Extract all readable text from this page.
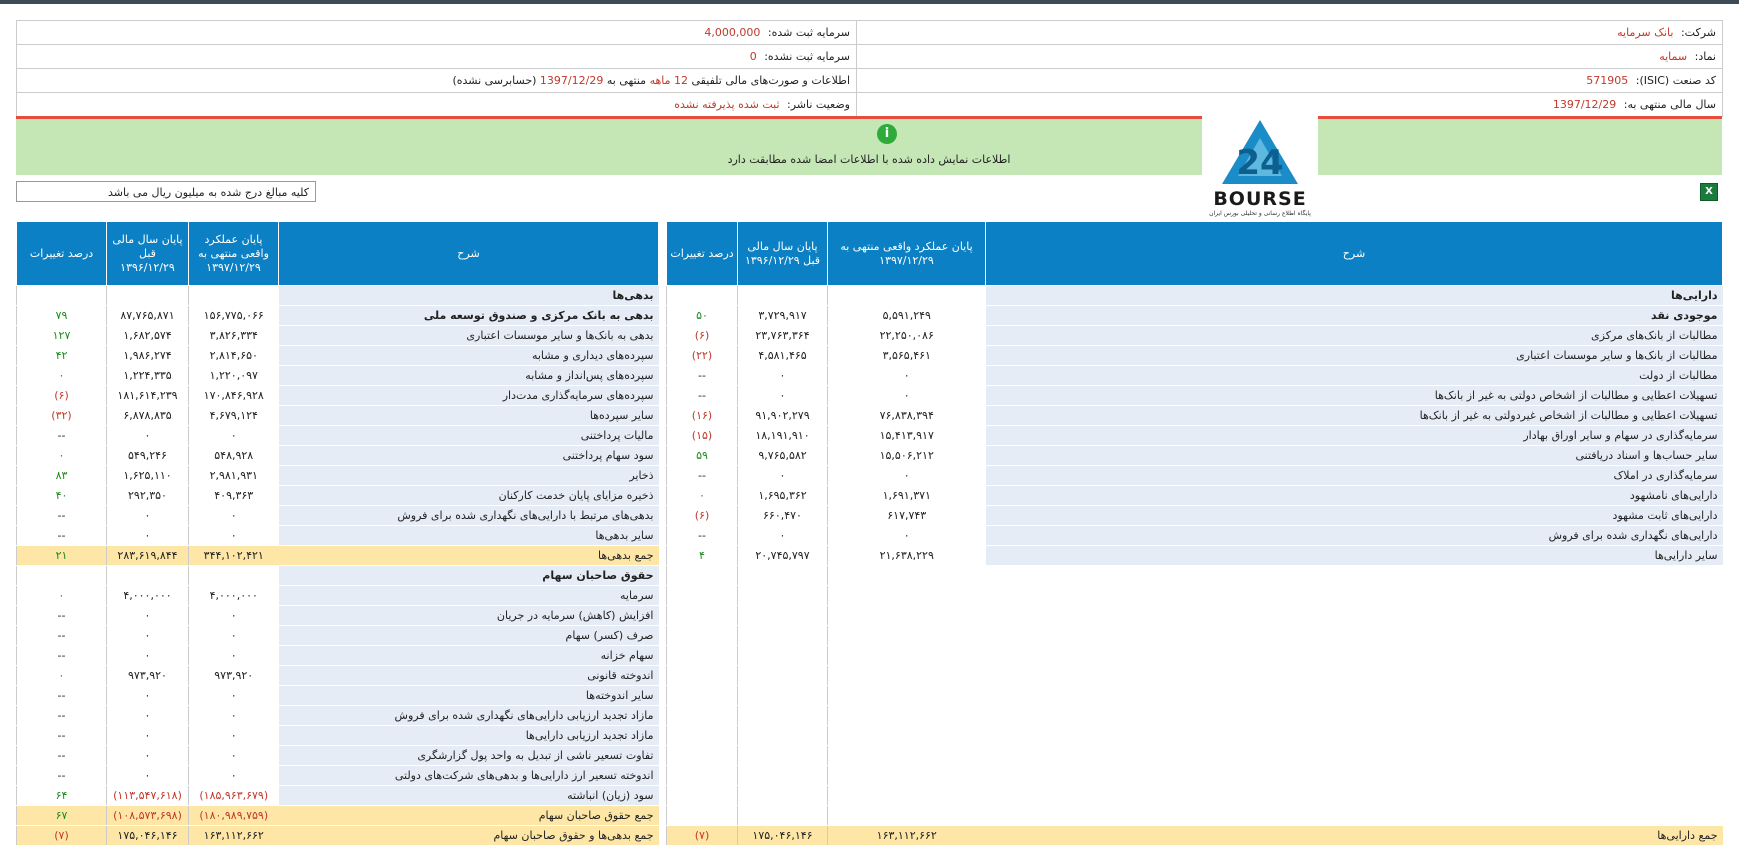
شرکت: بانک سرمایه	سرمایه ثبت شده: 4,000,000
نماد: سمایه	سرمایه ثبت نشده: 0
کد صنعت (ISIC): 571905	اطلاعات و صورت‌های مالی تلفیقی 12 ماهه منتهی به 1397/12/29 (حسابرسی نشده)
سال مالی منتهی به: 1397/12/29	وضعیت ناشر: ثبت شده پذیرفته نشده
i
اطلاعات نمایش داده شده با اطلاعات امضا شده مطابقت دارد	24
BOURSE
پایگاه اطلاع رسانی و تحلیلی بورس ایران
X
کلیه مبالغ درج شده به میلیون ریال می باشد
شرح	پایان عملکرد واقعی منتهی به ۱۳۹۷/۱۲/۲۹	پایان سال مالی قبل ۱۳۹۶/۱۲/۲۹	درصد تغییرات
دارایی‌ها			
موجودی نقد	۵,۵۹۱,۲۴۹	۳,۷۲۹,۹۱۷	۵۰
مطالبات از بانک‌های مرکزی	۲۲,۲۵۰,۰۸۶	۲۳,۷۶۳,۳۶۴	(۶)
مطالبات از بانک‌ها و سایر موسسات اعتباری	۳,۵۶۵,۴۶۱	۴,۵۸۱,۴۶۵	(۲۲)
مطالبات از دولت	۰	۰	--
تسهیلات اعطایی و مطالبات از اشخاص دولتی به غیر از بانک‌ها	۰	۰	--
تسهیلات اعطایی و مطالبات از اشخاص غیردولتی به غیر از بانک‌ها	۷۶,۸۳۸,۳۹۴	۹۱,۹۰۲,۲۷۹	(۱۶)
سرمایه‌گذاری در سهام و سایر اوراق بهادار	۱۵,۴۱۳,۹۱۷	۱۸,۱۹۱,۹۱۰	(۱۵)
سایر حساب‌ها و اسناد دریافتنی	۱۵,۵۰۶,۲۱۲	۹,۷۶۵,۵۸۲	۵۹
سرمایه‌گذاری در املاک	۰	۰	--
دارایی‌های نامشهود	۱,۶۹۱,۳۷۱	۱,۶۹۵,۳۶۲	۰
دارایی‌های ثابت مشهود	۶۱۷,۷۴۳	۶۶۰,۴۷۰	(۶)
دارایی‌های نگهداری شده برای فروش	۰	۰	--
سایر دارایی‌ها	۲۱,۶۳۸,۲۲۹	۲۰,۷۴۵,۷۹۷	۴

جمع دارایی‌ها	۱۶۳,۱۱۲,۶۶۲	۱۷۵,۰۴۶,۱۴۶	(۷)
شرح	پایان عملکرد واقعی منتهی به ۱۳۹۷/۱۲/۲۹	پایان سال مالی قبل ۱۳۹۶/۱۲/۲۹	درصد تغییرات
بدهی‌ها			
بدهی به بانک مرکزی و صندوق توسعه ملی	۱۵۶,۷۷۵,۰۶۶	۸۷,۷۶۵,۸۷۱	۷۹
بدهی به بانک‌ها و سایر موسسات اعتباری	۳,۸۲۶,۳۳۴	۱,۶۸۲,۵۷۴	۱۲۷
سپرده‌های دیداری و مشابه	۲,۸۱۴,۶۵۰	۱,۹۸۶,۲۷۴	۴۲
سپرده‌های پس‌انداز و مشابه	۱,۲۲۰,۰۹۷	۱,۲۲۴,۳۳۵	۰
سپرده‌های سرمایه‌گذاری مدت‌دار	۱۷۰,۸۴۶,۹۲۸	۱۸۱,۶۱۴,۲۳۹	(۶)
سایر سپرده‌ها	۴,۶۷۹,۱۲۴	۶,۸۷۸,۸۳۵	(۳۲)
مالیات پرداختنی	۰	۰	--
سود سهام پرداختنی	۵۴۸,۹۲۸	۵۴۹,۲۴۶	۰
ذخایر	۲,۹۸۱,۹۳۱	۱,۶۲۵,۱۱۰	۸۳
ذخیره مزایای پایان خدمت کارکنان	۴۰۹,۳۶۳	۲۹۲,۳۵۰	۴۰
بدهی‌های مرتبط با دارایی‌های نگهداری شده برای فروش	۰	۰	--
سایر بدهی‌ها	۰	۰	--
جمع بدهی‌ها	۳۴۴,۱۰۲,۴۲۱	۲۸۳,۶۱۹,۸۴۴	۲۱
حقوق صاحبان سهام			
سرمایه	۴,۰۰۰,۰۰۰	۴,۰۰۰,۰۰۰	۰
افزایش (کاهش) سرمایه در جریان	۰	۰	--
صرف (کسر) سهام	۰	۰	--
سهام خزانه	۰	۰	--
اندوخته قانونی	۹۷۳,۹۲۰	۹۷۳,۹۲۰	۰
سایر اندوخته‌ها	۰	۰	--
مازاد تجدید ارزیابی دارایی‌های نگهداری شده برای فروش	۰	۰	--
مازاد تجدید ارزیابی دارایی‌ها	۰	۰	--
تفاوت تسعیر ناشی از تبدیل به واحد پول گزارشگری	۰	۰	--
اندوخته تسعیر ارز دارایی‌ها و بدهی‌های شرکت‌های دولتی	۰	۰	--
سود (زیان) انباشته	(۱۸۵,۹۶۳,۶۷۹)	(۱۱۳,۵۴۷,۶۱۸)	۶۴
جمع حقوق صاحبان سهام	(۱۸۰,۹۸۹,۷۵۹)	(۱۰۸,۵۷۳,۶۹۸)	۶۷
جمع بدهی‌ها و حقوق صاحبان سهام	۱۶۳,۱۱۲,۶۶۲	۱۷۵,۰۴۶,۱۴۶	(۷)
